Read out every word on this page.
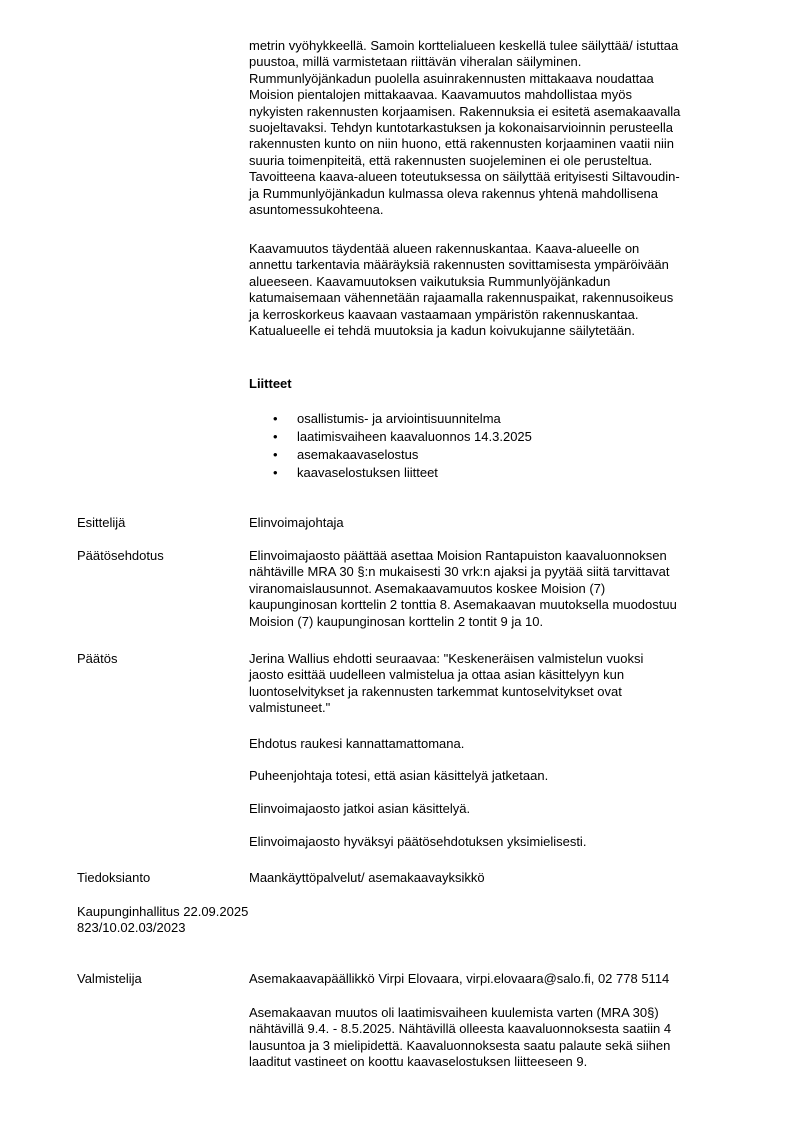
metrin vyöhykkeellä. Samoin korttelialueen keskellä tulee säilyttää/ istuttaa
puustoa, millä varmistetaan riittävän viheralan säilyminen.
Rummunlyöjänkadun puolella asuinrakennusten mittakaava noudattaa
Moision pientalojen mittakaavaa. Kaavamuutos mahdollistaa myös
nykyisten rakennusten korjaamisen. Rakennuksia ei esitetä asemakaavalla
suojeltavaksi. Tehdyn kuntotarkastuksen ja kokonaisarvioinnin perusteella
rakennusten kunto on niin huono, että rakennusten korjaaminen vaatii niin
suuria toimenpiteitä, että rakennusten suojeleminen ei ole perusteltua.
Tavoitteena kaava-alueen toteutuksessa on säilyttää erityisesti Siltavoudin-
ja Rummunlyöjänkadun kulmassa oleva rakennus yhtenä mahdollisena
asuntomessukohteena.

Kaavamuutos täydentää alueen rakennuskantaa. Kaava-alueelle on
annettu tarkentavia määräyksiä rakennusten sovittamisesta ympäröivään
alueeseen. Kaavamuutoksen vaikutuksia Rummunlyöjänkadun
katumaisemaan vähennetään rajaamalla rakennuspaikat, rakennusoikeus
ja kerroskorkeus kaavaan vastaamaan ympäristön rakennuskantaa.
Katualueelle ei tehdä muutoksia ja kadun koivukujanne säilytetään.

Liitteet
• osallistumis- ja arviointisuunnitelma
• laatimisvaiheen kaavaluonnos 14.3.2025
• asemakaavaselostus
• kaavaselostuksen liitteet
Esittelijä	Elinvoimajohtaja

Päätösehdotus	Elinvoimajaosto päättää asettaa Moision Rantapuiston kaavaluonnoksen
nähtäville MRA 30 §:n mukaisesti 30 vrk:n ajaksi ja pyytää siitä tarvittavat
viranomaislausunnot. Asemakaavamuutos koskee Moision (7)
kaupunginosan korttelin 2 tonttia 8. Asemakaavan muutoksella muodostuu
Moision (7) kaupunginosan korttelin 2 tontit 9 ja 10.

Päätös	Jerina Wallius ehdotti seuraavaa: "Keskeneräisen valmistelun vuoksi
jaosto esittää uudelleen valmistelua ja ottaa asian käsittelyyn kun
luontoselvitykset ja rakennusten tarkemmat kuntoselvitykset ovat
valmistuneet."

Ehdotus raukesi kannattamattomana.
Puheenjohtaja totesi, että asian käsittelyä jatketaan.
Elinvoimajaosto jatkoi asian käsittelyä.
Elinvoimajaosto hyväksyi päätösehdotuksen yksimielisesti.
Tiedoksianto	Maankäyttöpalvelut/ asemakaavayksikkö

Kaupunginhallitus 22.09.2025
823/10.02.03/2023
Valmistelija	Asemakaavapäällikkö Virpi Elovaara, virpi.elovaara@salo.fi, 02 778 5114

Asemakaavan muutos oli laatimisvaiheen kuulemista varten (MRA 30§)
nähtävillä 9.4. - 8.5.2025. Nähtävillä olleesta kaavaluonnoksesta saatiin 4
lausuntoa ja 3 mielipidettä. Kaavaluonnoksesta saatu palaute sekä siihen
laaditut vastineet on koottu kaavaselostuksen liitteeseen 9.
